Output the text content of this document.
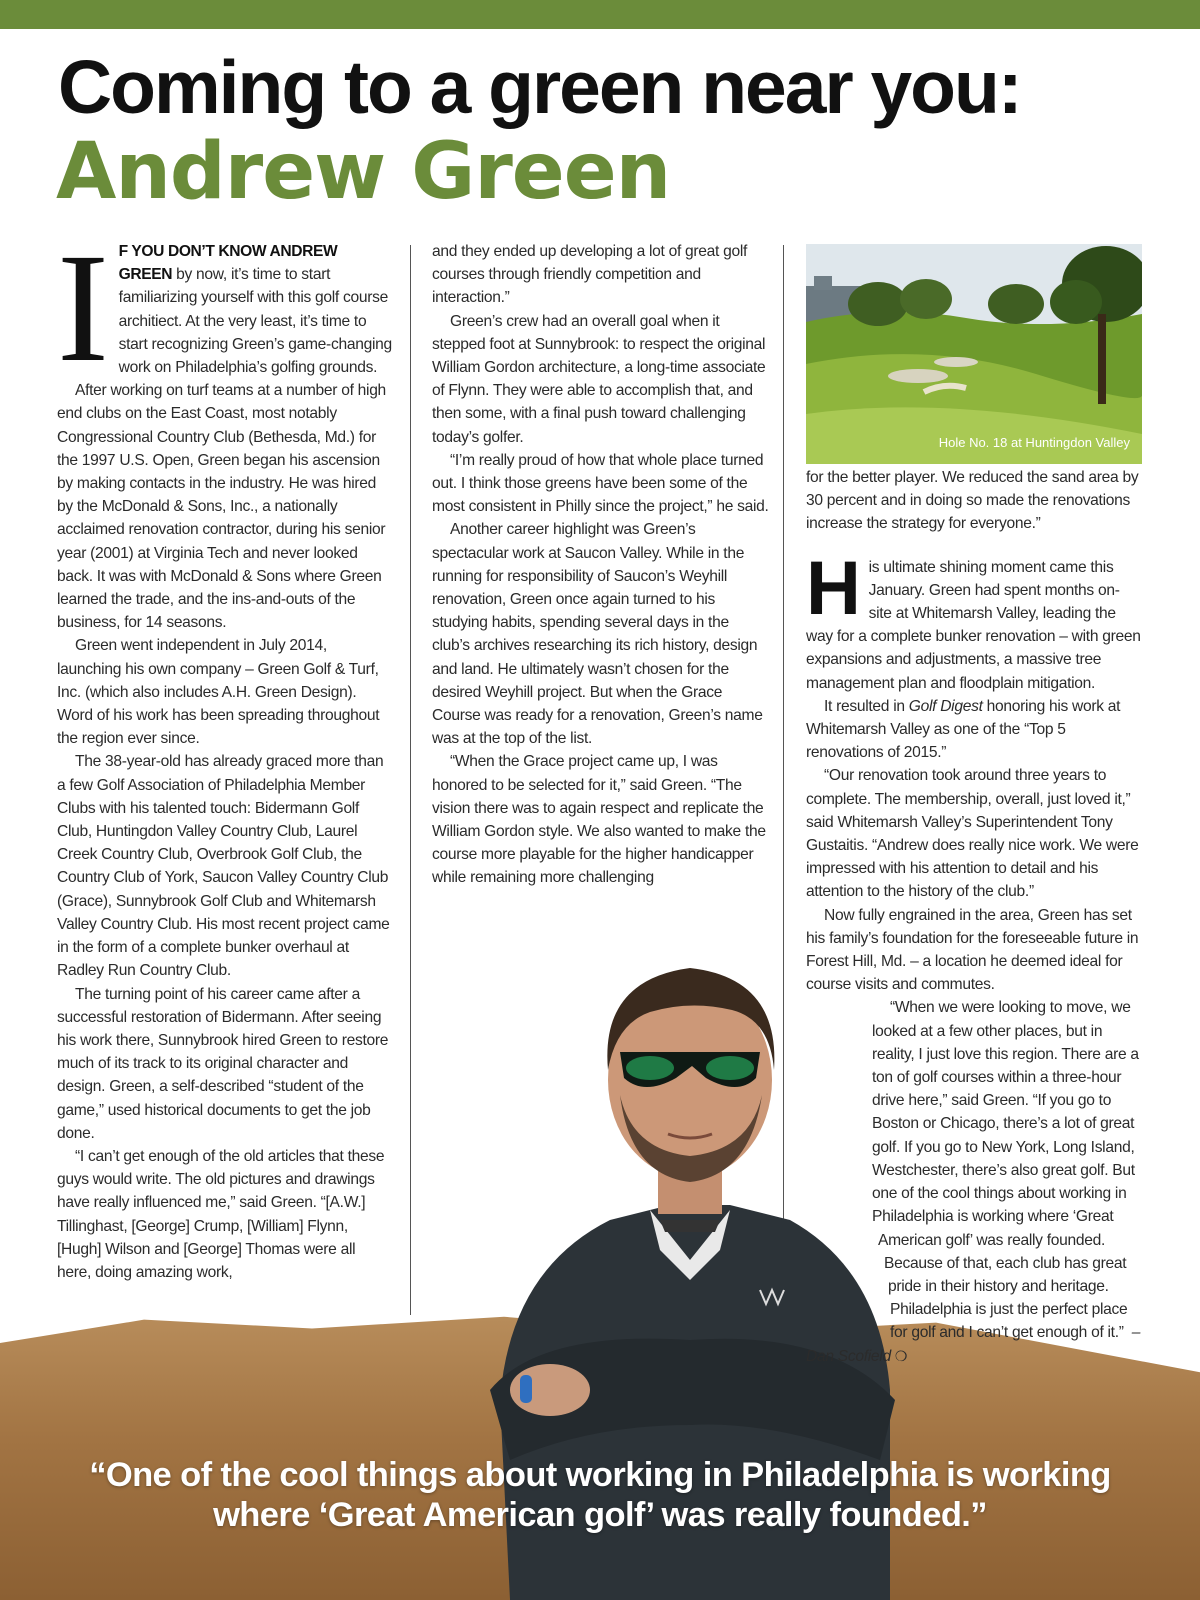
Coming to a green near you:
Andrew Green

I F YOU DON’T KNOW ANDREW GREEN by now, it’s time to start familiarizing yourself with this golf course architiect. At the very least, it’s time to start recognizing Green’s game-changing work on Philadelphia’s golfing grounds.

After working on turf teams at a number of high end clubs on the East Coast, most notably Congressional Country Club (Bethesda, Md.) for the 1997 U.S. Open, Green began his ascension by making contacts in the industry. He was hired by the McDonald & Sons, Inc., a nationally acclaimed renovation contractor, during his senior year (2001) at Virginia Tech and never looked back. It was with McDonald & Sons where Green learned the trade, and the ins-and-outs of the business, for 14 seasons.

Green went independent in July 2014, launching his own company – Green Golf & Turf, Inc. (which also includes A.H. Green Design). Word of his work has been spreading throughout the region ever since.

The 38-year-old has already graced more than a few Golf Association of Philadelphia Member Clubs with his talented touch: Bidermann Golf Club, Huntingdon Valley Country Club, Laurel Creek Country Club, Overbrook Golf Club, the Country Club of York, Saucon Valley Country Club (Grace), Sunnybrook Golf Club and Whitemarsh Valley Country Club. His most recent project came in the form of a complete bunker overhaul at Radley Run Country Club.

The turning point of his career came after a successful restoration of Bidermann. After seeing his work there, Sunnybrook hired Green to restore much of its track to its original character and design. Green, a self-described “student of the game,” used historical documents to get the job done.

“I can’t get enough of the old articles that these guys would write. The old pictures and drawings have really influenced me,” said Green. “[A.W.] Tillinghast, [George] Crump, [William] Flynn, [Hugh] Wilson and [George] Thomas were all here, doing amazing work,

and they ended up developing a lot of great golf courses through friendly competition and interaction.”

Green’s crew had an overall goal when it stepped foot at Sunnybrook: to respect the original William Gordon architecture, a long-time associate of Flynn. They were able to accomplish that, and then some, with a final push toward challenging today’s golfer.

“I’m really proud of how that whole place turned out. I think those greens have been some of the most consistent in Philly since the project,” he said.

Another career highlight was Green’s spectacular work at Saucon Valley. While in the running for responsibility of Saucon’s Weyhill renovation, Green once again turned to his studying habits, spending several days in the club’s archives researching its rich history, design and land. He ultimately wasn’t chosen for the desired Weyhill project. But when the Grace Course was ready for a renovation, Green’s name was at the top of the list.

“When the Grace project came up, I was honored to be selected for it,” said Green. “The vision there was to again respect and replicate the William Gordon style. We also wanted to make the course more playable for the higher handicapper while remaining more challenging

Hole No. 18 at Huntingdon Valley

for the better player. We reduced the sand area by 30 percent and in doing so made the renovations increase the strategy for everyone.”

His ultimate shining moment came this January. Green had spent months on-site at Whitemarsh Valley, leading the way for a complete bunker renovation – with green expansions and adjustments, a massive tree management plan and floodplain mitigation.

It resulted in Golf Digest honoring his work at Whitemarsh Valley as one of the “Top 5 renovations of 2015.”

“Our renovation took around three years to complete. The membership, overall, just loved it,” said Whitemarsh Valley’s Superintendent Tony Gustaitis. “Andrew does really nice work. We were impressed with his attention to detail and his attention to the history of the club.”

Now fully engrained in the area, Green has set his family’s foundation for the foreseeable future in Forest Hill, Md. – a location he deemed ideal for course visits and commutes.

“When we were looking to move, we looked at a few other places, but in reality, I just love this region. There are a ton of golf courses within a three-hour drive here,” said Green. “If you go to Boston or Chicago, there’s a lot of great golf. If you go to New York, Long Island, Westchester, there’s also great golf. But one of the cool things about working in Philadelphia is working where ‘Great American golf’ was really founded. Because of that, each club has great pride in their history and heritage. Philadelphia is just the perfect place for golf and I can’t get enough of it.” – Dan Scofield ❍

“One of the cool things about working in Philadelphia is working
where ‘Great American golf’ was really founded.”
